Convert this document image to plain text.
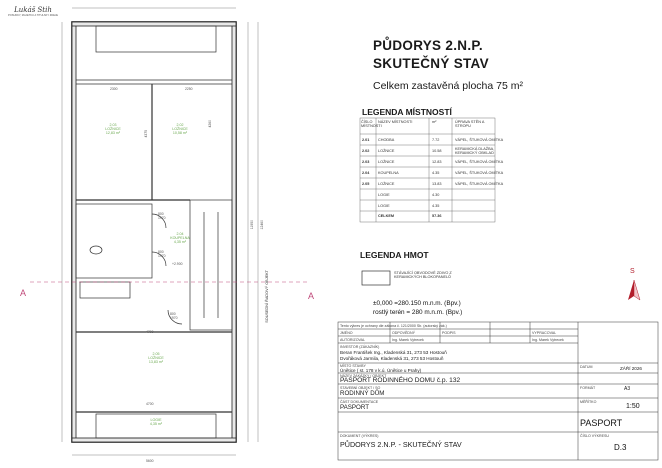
Lukáš Stih
POSUDKY, MAJETKU A TITULSKY ZDEJE
2.03
LOŽNICE
12,83 m²
2.02
LOŽNICE
10,58 m²
2.04
KOUPELNA
4,35 m²
2.05
LOŽNICE
13,83 m²
LOGIE
4,35 m²
2300	2250
4700
4700
5600
4260
4375
11950 12460
800
1970
800
1970
800
1970
+2.900
SOUSEDNÍ ŘADOVÝ OBJEKT
A	A
PŮDORYS 2.N.P.
SKUTEČNÝ STAV
Celkem zastavěná plocha 75 m²
LEGENDA MÍSTNOSTÍ
ČÍSLO MÍSTNOSTI
NÁZEV MÍSTNOSTI	m²	ÚPRAVA STĚN A STROPU
2.01 CHODBA	7.72	VÁPEL, ŠTUKOVÁ OMÍTKA
2.02 LOŽNICE	10.58	KERAMICKÁ DLAŽBA, KERAMICKÝ OBKLAD
2.03 LOŽNICE	12.83	VÁPEL, ŠTUKOVÁ OMÍTKA
2.04 KOUPELNA	4.35	VÁPEL, ŠTUKOVÁ OMÍTKA
2.05 LOŽNICE	13.83	VÁPEL, ŠTUKOVÁ OMÍTKA
LOGIE	4.30
LOGIE	4.35
CELKEM	57.36
LEGENDA HMOT
STÁVAJÍCÍ OBVODOVÉ ZDIVO Z KERAMICKÝCH BLOKOPANELŮ
S
±0,000 =280.150 m.n.m. (Bpv.)
rostlý terén = 280 m.n.m. (Bpv.)
Tento výkres je ochrany dle zákona č. 121/2000 Sb. (autorský zák.)
JMÉNO	ODPOVĚDNÝ	PODPIS	VYPRACOVAL
AUTORIZOVAL	Ing. Marek Vytrecek	Ing. Marek Vytrecek
INVESTOR (ZÁKAZNÍK)
Beran František Ing., Kladenská 31, 273 53 Hostouň
Dvořáková Jarmila, Kladenská 31, 273 53 Hostouň
MÍSTO STAVBY
Únětice ( st. 178 v k.ú. Únětice u Prahy)
NÁZEV ZAKÁZKY / OBJEKT
PASPORT RODINNÉHO DOMU č.p. 132
STAVEBNÍ OBJEKT / SO
RODINNÝ DŮM
ČÁST DOKUMENTACE
PASPORT
DOKUMENT (VÝKRES)
PŮDORYS 2.N.P. - SKUTEČNÝ STAV
DATUM	ZÁŘÍ 2026
FORMÁT	A3
MĚŘÍTKO
1:50
PASPORT
ČÍSLO VÝKRESU
D.3
